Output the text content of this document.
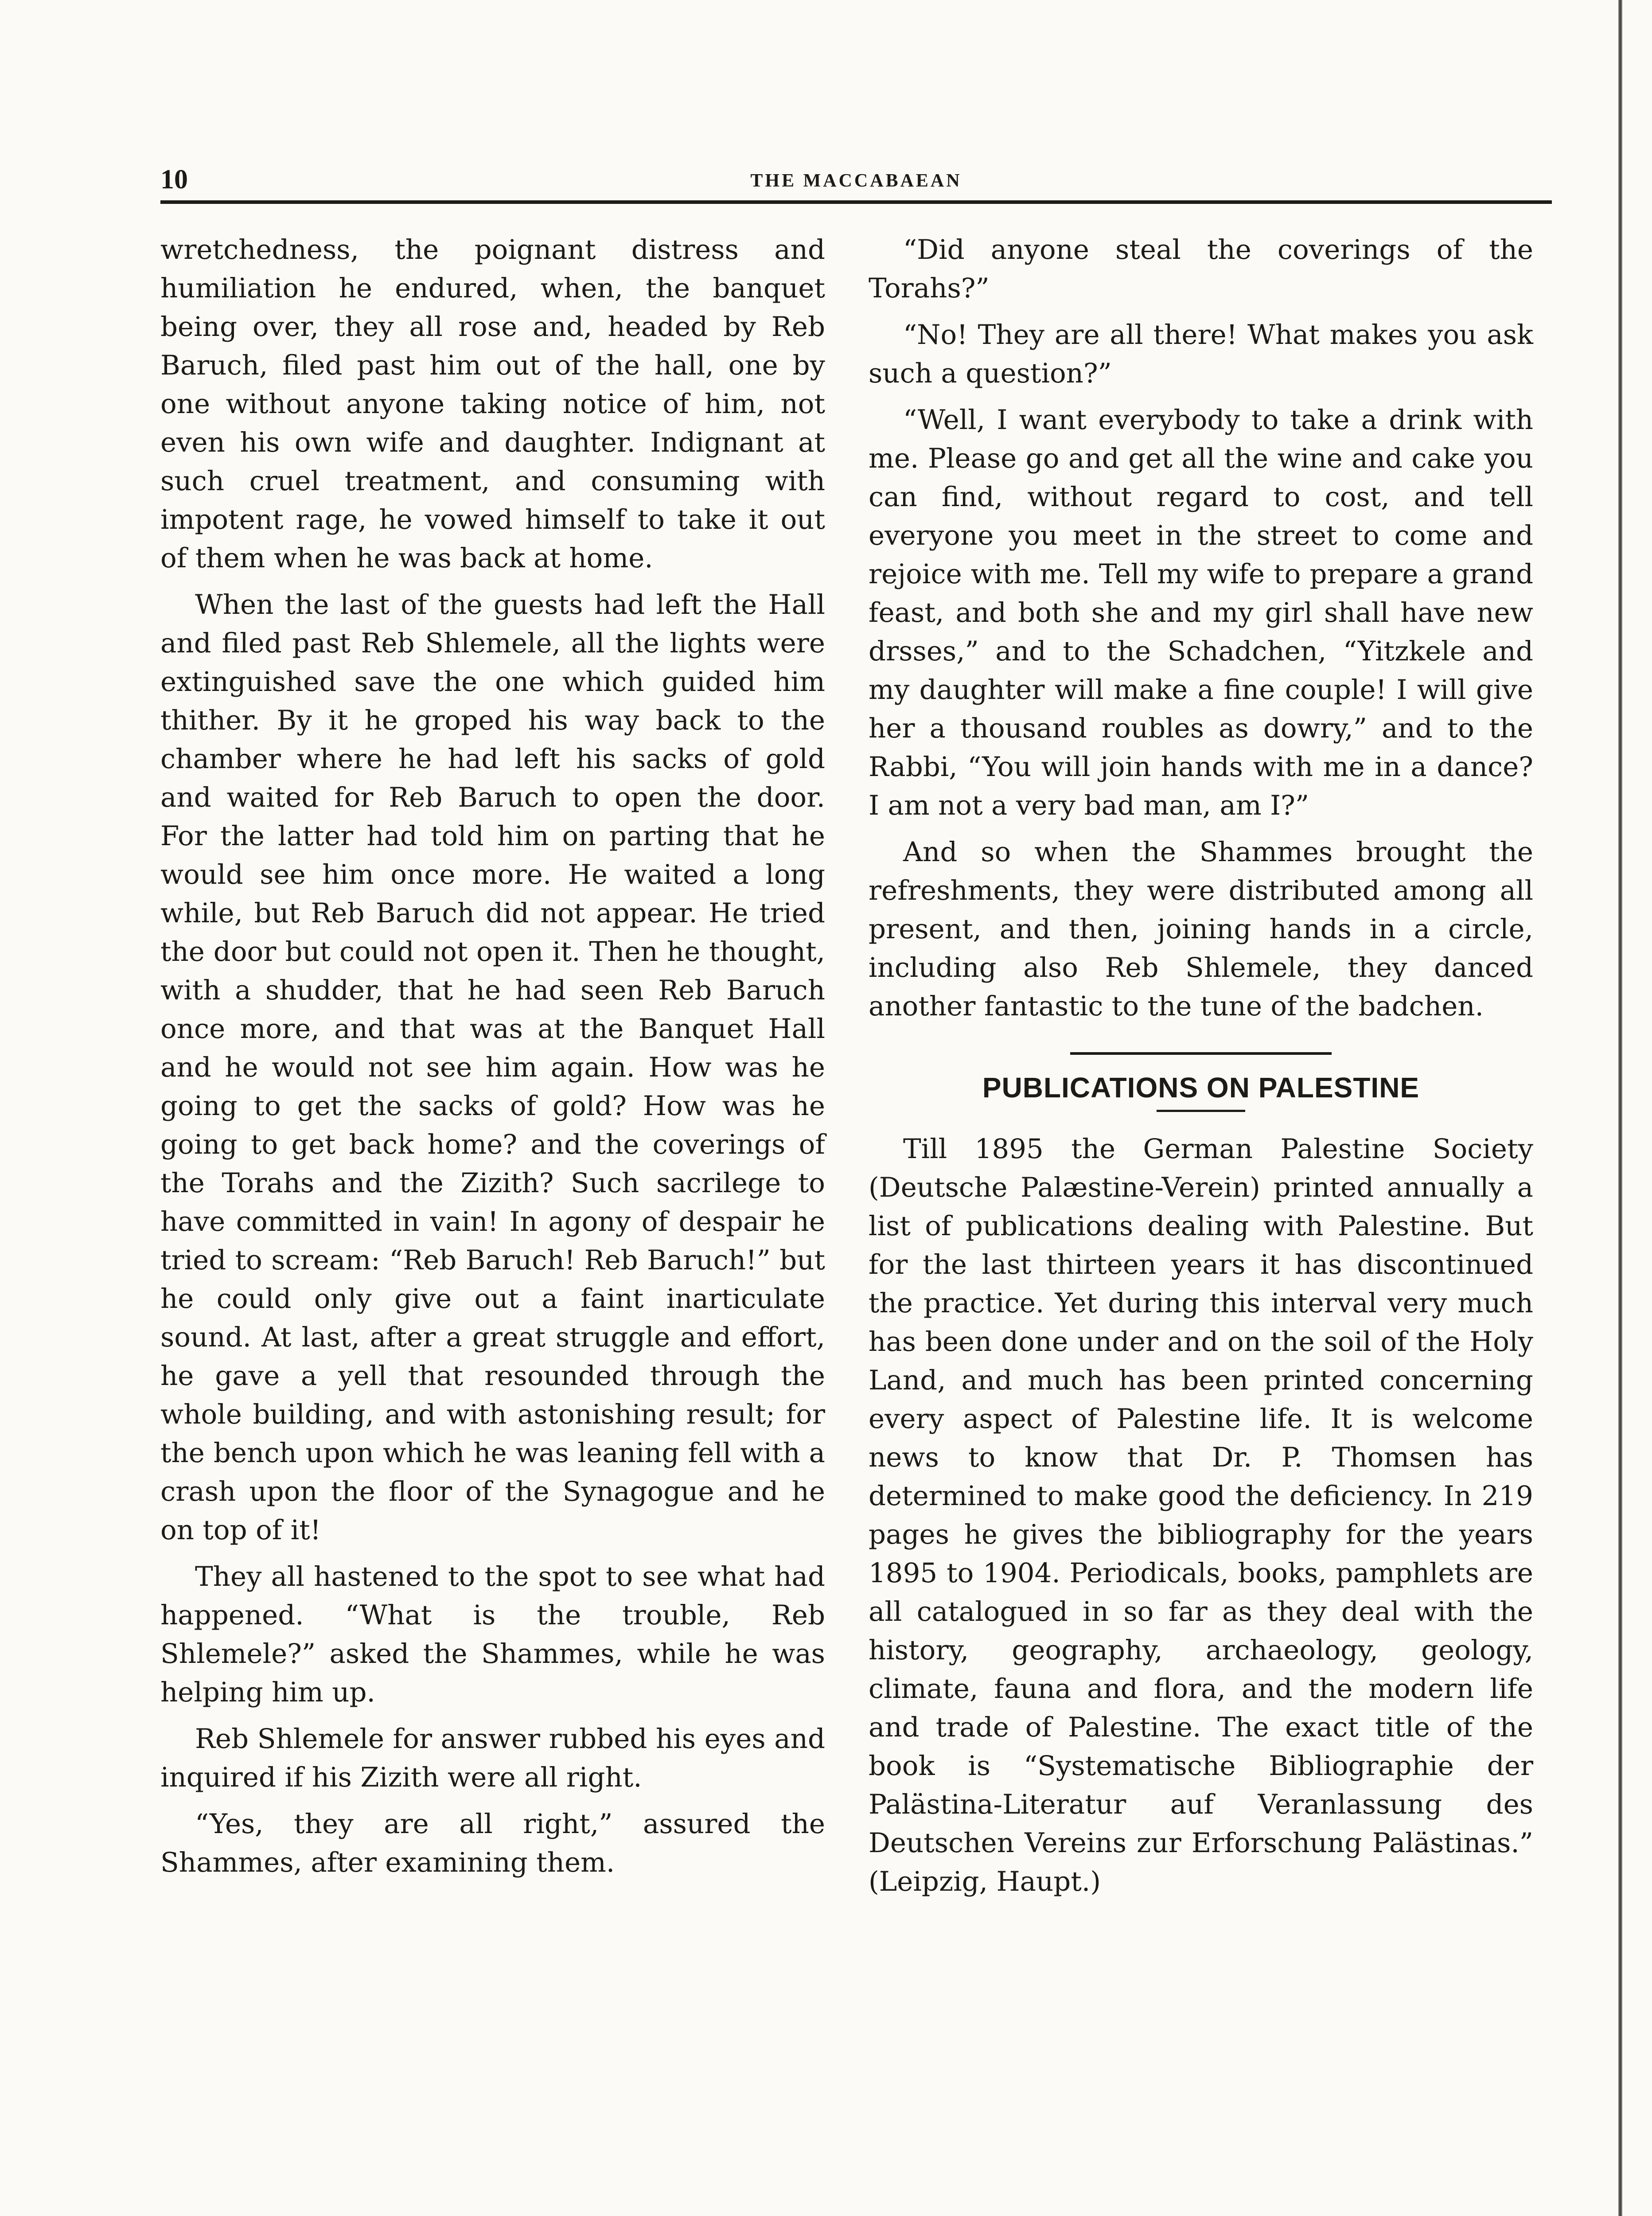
10	THE MACCABAEAN

wretchedness, the poignant distress and humiliation he endured, when, the banquet being over, they all rose and, headed by Reb Baruch, filed past him out of the hall, one by one without anyone taking notice of him, not even his own wife and daughter. Indignant at such cruel treatment, and consuming with impotent rage, he vowed himself to take it out of them when he was back at home.

When the last of the guests had left the Hall and filed past Reb Shlemele, all the lights were extinguished save the one which guided him thither. By it he groped his way back to the chamber where he had left his sacks of gold and waited for Reb Baruch to open the door. For the latter had told him on parting that he would see him once more. He waited a long while, but Reb Baruch did not appear. He tried the door but could not open it. Then he thought, with a shudder, that he had seen Reb Baruch once more, and that was at the Banquet Hall and he would not see him again. How was he going to get the sacks of gold? How was he going to get back home? and the coverings of the Torahs and the Zizith? Such sacrilege to have committed in vain! In agony of despair he tried to scream: “Reb Baruch! Reb Baruch!” but he could only give out a faint inarticulate sound. At last, after a great struggle and effort, he gave a yell that resounded through the whole building, and with astonishing result; for the bench upon which he was leaning fell with a crash upon the floor of the Synagogue and he on top of it!

They all hastened to the spot to see what had happened. “What is the trouble, Reb Shlemele?” asked the Shammes, while he was helping him up.

Reb Shlemele for answer rubbed his eyes and inquired if his Zizith were all right.

“Yes, they are all right,” assured the Shammes, after examining them.

“Did anyone steal the coverings of the Torahs?”

“No! They are all there! What makes you ask such a question?”

“Well, I want everybody to take a drink with me. Please go and get all the wine and cake you can find, without regard to cost, and tell everyone you meet in the street to come and rejoice with me. Tell my wife to prepare a grand feast, and both she and my girl shall have new drsses,” and to the Schadchen, “Yitzkele and my daughter will make a fine couple! I will give her a thousand roubles as dowry,” and to the Rabbi, “You will join hands with me in a dance? I am not a very bad man, am I?”

And so when the Shammes brought the refreshments, they were distributed among all present, and then, joining hands in a circle, including also Reb Shlemele, they danced another fantastic to the tune of the badchen.

PUBLICATIONS ON PALESTINE

Till 1895 the German Palestine Society (Deutsche Palæstine-Verein) printed annually a list of publications dealing with Palestine. But for the last thirteen years it has discontinued the practice. Yet during this interval very much has been done under and on the soil of the Holy Land, and much has been printed concerning every aspect of Palestine life. It is welcome news to know that Dr. P. Thomsen has determined to make good the deficiency. In 219 pages he gives the bibliography for the years 1895 to 1904. Periodicals, books, pamphlets are all catalogued in so far as they deal with the history, geography, archaeology, geology, climate, fauna and flora, and the modern life and trade of Palestine. The exact title of the book is “Systematische Bibliographie der Palästina-Literatur auf Veranlassung des Deutschen Vereins zur Erforschung Palästinas.” (Leipzig, Haupt.)
